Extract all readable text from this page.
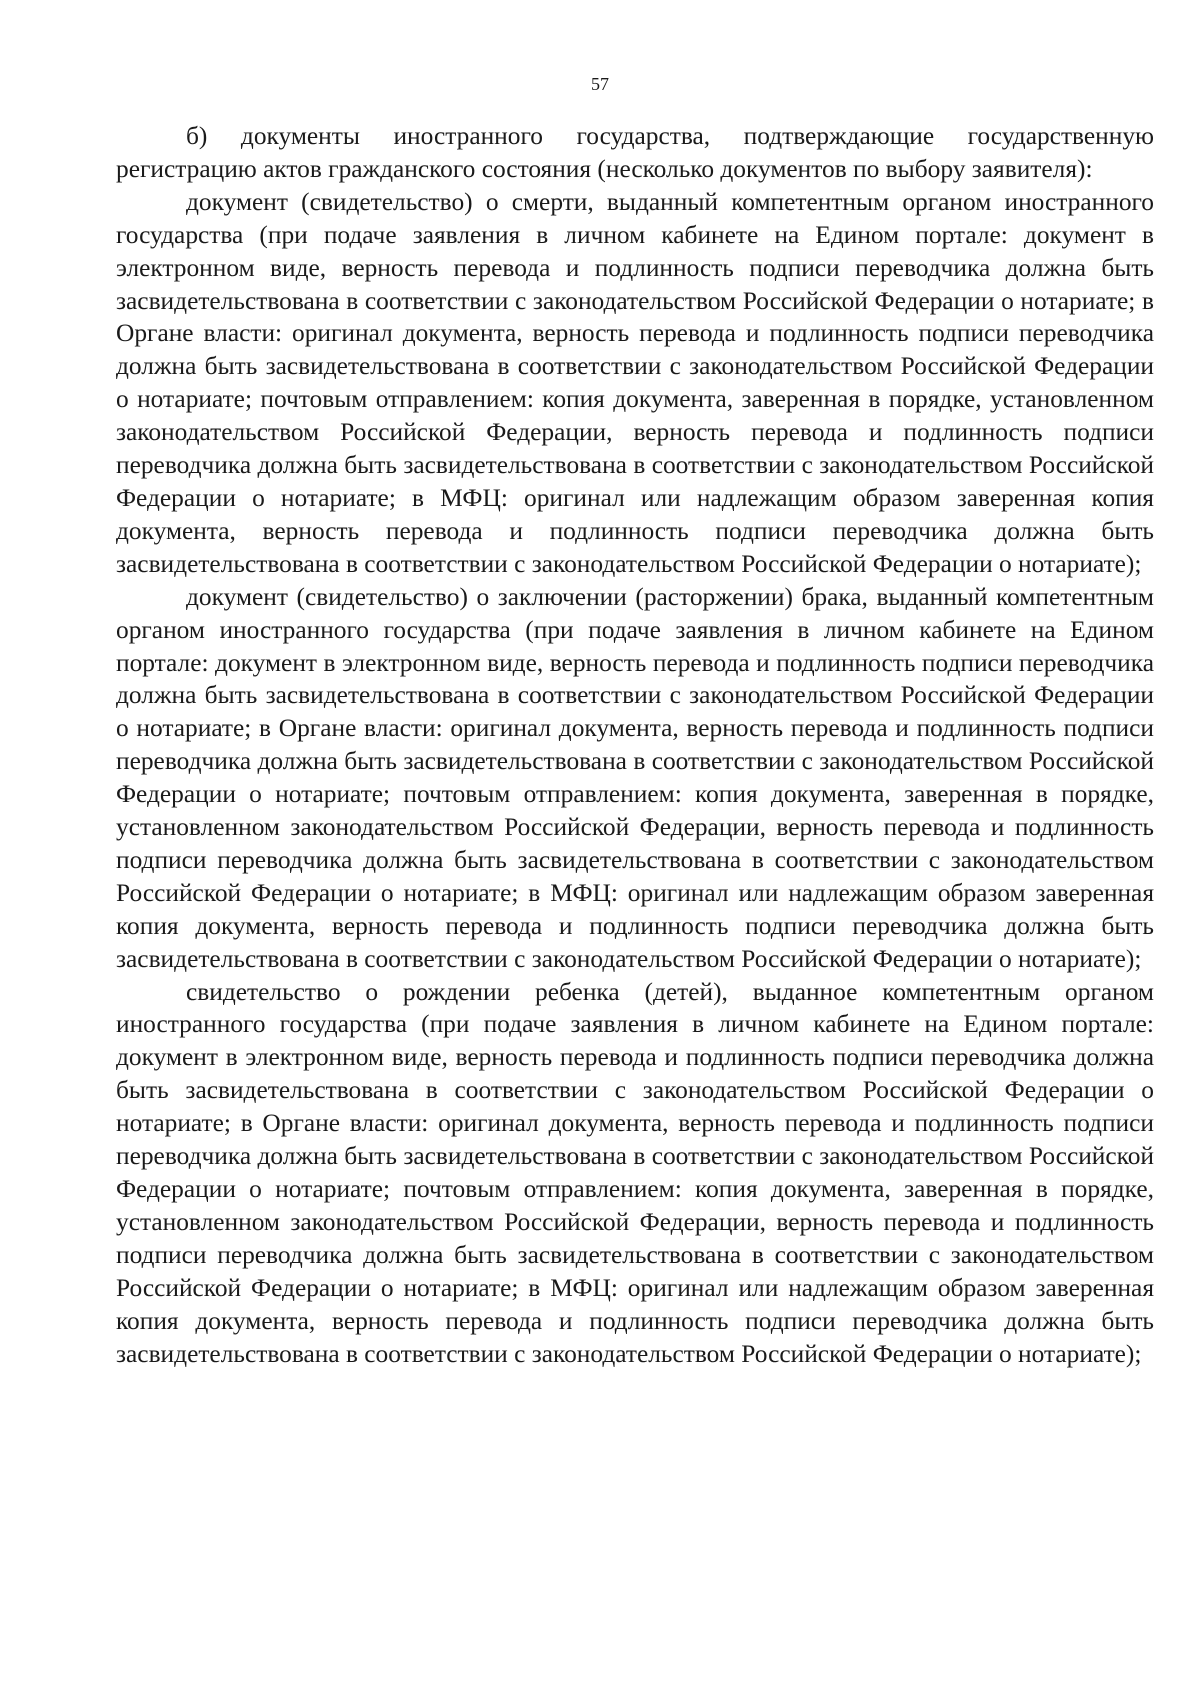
57

б) документы иностранного государства, подтверждающие государственную регистрацию актов гражданского состояния (несколько документов по выбору заявителя):

документ (свидетельство) о смерти, выданный компетентным органом иностранного государства (при подаче заявления в личном кабинете на Едином портале: документ в электронном виде, верность перевода и подлинность подписи переводчика должна быть засвидетельствована в соответствии с законодательством Российской Федерации о нотариате; в Органе власти: оригинал документа, верность перевода и подлинность подписи переводчика должна быть засвидетельствована в соответствии с законодательством Российской Федерации о нотариате; почтовым отправлением: копия документа, заверенная в порядке, установленном законодательством Российской Федерации, верность перевода и подлинность подписи переводчика должна быть засвидетельствована в соответствии с законодательством Российской Федерации о нотариате; в МФЦ: оригинал или надлежащим образом заверенная копия документа, верность перевода и подлинность подписи переводчика должна быть засвидетельствована в соответствии с законодательством Российской Федерации о нотариате);

документ (свидетельство) о заключении (расторжении) брака, выданный компетентным органом иностранного государства (при подаче заявления в личном кабинете на Едином портале: документ в электронном виде, верность перевода и подлинность подписи переводчика должна быть засвидетельствована в соответствии с законодательством Российской Федерации о нотариате; в Органе власти: оригинал документа, верность перевода и подлинность подписи переводчика должна быть засвидетельствована в соответствии с законодательством Российской Федерации о нотариате; почтовым отправлением: копия документа, заверенная в порядке, установленном законодательством Российской Федерации, верность перевода и подлинность подписи переводчика должна быть засвидетельствована в соответствии с законодательством Российской Федерации о нотариате; в МФЦ: оригинал или надлежащим образом заверенная копия документа, верность перевода и подлинность подписи переводчика должна быть засвидетельствована в соответствии с законодательством Российской Федерации о нотариате);

свидетельство о рождении ребенка (детей), выданное компетентным органом иностранного государства (при подаче заявления в личном кабинете на Едином портале: документ в электронном виде, верность перевода и подлинность подписи переводчика должна быть засвидетельствована в соответствии с законодательством Российской Федерации о нотариате; в Органе власти: оригинал документа, верность перевода и подлинность подписи переводчика должна быть засвидетельствована в соответствии с законодательством Российской Федерации о нотариате; почтовым отправлением: копия документа, заверенная в порядке, установленном законодательством Российской Федерации, верность перевода и подлинность подписи переводчика должна быть засвидетельствована в соответствии с законодательством Российской Федерации о нотариате; в МФЦ: оригинал или надлежащим образом заверенная копия документа, верность перевода и подлинность подписи переводчика должна быть засвидетельствована в соответствии с законодательством Российской Федерации о нотариате);
